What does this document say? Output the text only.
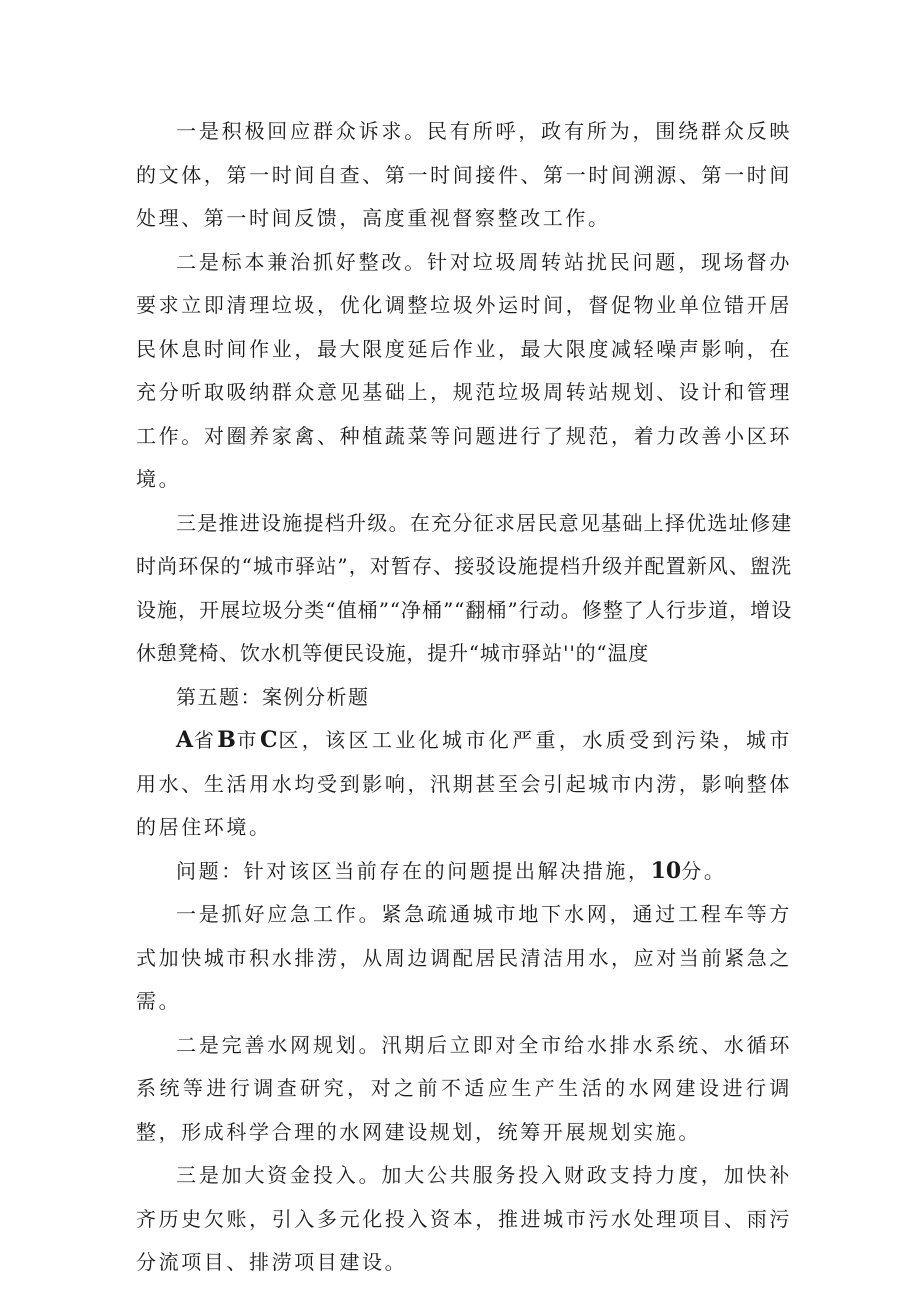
一是积极回应群众诉求。民有所呼，政有所为，围绕群众反映的文体，第一时间自查、第一时间接件、第一时间溯源、第一时间处理、第一时间反馈，高度重视督察整改工作。

二是标本兼治抓好整改。针对垃圾周转站扰民问题，现场督办要求立即清理垃圾，优化调整垃圾外运时间，督促物业单位错开居民休息时间作业，最大限度延后作业，最大限度减轻噪声影响，在充分听取吸纳群众意见基础上，规范垃圾周转站规划、设计和管理工作。对圈养家禽、种植蔬菜等问题进行了规范，着力改善小区环境。

三是推进设施提档升级。在充分征求居民意见基础上择优选址修建时尚环保的“城市驿站”，对暂存、接驳设施提档升级并配置新风、盥洗设施，开展垃圾分类“值桶”“净桶”“翻桶”行动。修整了人行步道，增设休憩凳椅、饮水机等便民设施，提升“城市驿站''的“温度

第五题：案例分析题

A省B市C区，该区工业化城市化严重，水质受到污染，城市用水、生活用水均受到影响，汛期甚至会引起城市内涝，影响整体的居住环境。

问题：针对该区当前存在的问题提出解决措施，10分。

一是抓好应急工作。紧急疏通城市地下水网，通过工程车等方式加快城市积水排涝，从周边调配居民清洁用水，应对当前紧急之需。

二是完善水网规划。汛期后立即对全市给水排水系统、水循环系统等进行调查研究，对之前不适应生产生活的水网建设进行调整，形成科学合理的水网建设规划，统筹开展规划实施。

三是加大资金投入。加大公共服务投入财政支持力度，加快补齐历史欠账，引入多元化投入资本，推进城市污水处理项目、雨污分流项目、排涝项目建设。
